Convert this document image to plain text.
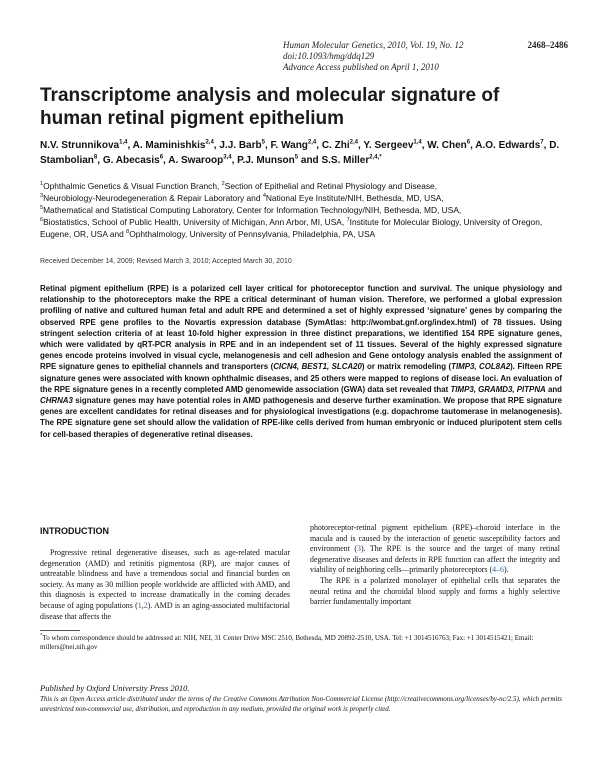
Human Molecular Genetics, 2010, Vol. 19, No. 12	2468–2486
doi:10.1093/hmg/ddq129
Advance Access published on April 1, 2010
Transcriptome analysis and molecular signature of human retinal pigment epithelium

N.V. Strunnikova$^{1,4}$, A. Maminishkis$^{2,4}$, J.J. Barb$^5$, F. Wang$^{2,4}$, C. Zhi$^{2,4}$, Y. Sergeev$^{1,4}$, W. Chen$^6$, A.O. Edwards$^7$, D. Stambolian$^8$, G. Abecasis$^6$, A. Swaroop$^{3,4}$, P.J. Munson$^5$ and S.S. Miller$^{2,4,*}$

$^1$Ophthalmic Genetics & Visual Function Branch, $^2$Section of Epithelial and Retinal Physiology and Disease,
$^3$Neurobiology-Neurodegeneration & Repair Laboratory and $^4$National Eye Institute/NIH, Bethesda, MD, USA,
$^5$Mathematical and Statistical Computing Laboratory, Center for Information Technology/NIH, Bethesda, MD, USA,
$^6$Biostatistics, School of Public Health, University of Michigan, Ann Arbor, MI, USA, $^7$Institute for Molecular Biology, University of Oregon, Eugene, OR, USA and $^8$Ophthalmology, University of Pennsylvania, Philadelphia, PA, USA

Received December 14, 2009; Revised March 3, 2010; Accepted March 30, 2010

Retinal pigment epithelium (RPE) is a polarized cell layer critical for photoreceptor function and survival. The unique physiology and relationship to the photoreceptors make the RPE a critical determinant of human vision. Therefore, we performed a global expression profiling of native and cultured human fetal and adult RPE and determined a set of highly expressed ‘signature’ genes by comparing the observed RPE gene profiles to the Novartis expression database (SymAtlas: http://wombat.gnf.org/index.html) of 78 tissues. Using stringent selection criteria of at least 10-fold higher expression in three distinct preparations, we identified 154 RPE signature genes, which were validated by qRT-PCR analysis in RPE and in an independent set of 11 tissues. Several of the highly expressed signature genes encode proteins involved in visual cycle, melanogenesis and cell adhesion and Gene ontology analysis enabled the assignment of RPE signature genes to epithelial channels and transporters (CICN4, BEST1, SLCA20) or matrix remodeling (TIMP3, COL8A2). Fifteen RPE signature genes were associated with known ophthalmic diseases, and 25 others were mapped to regions of disease loci. An evaluation of the RPE signature genes in a recently completed AMD genomewide association (GWA) data set revealed that TIMP3, GRAMD3, PITPNA and CHRNA3 signature genes may have potential roles in AMD pathogenesis and deserve further examination. We propose that RPE signature genes are excellent candidates for retinal diseases and for physiological investigations (e.g. dopachrome tautomerase in melanogenesis). The RPE signature gene set should allow the validation of RPE-like cells derived from human embryonic or induced pluripotent stem cells for cell-based therapies of degenerative retinal diseases.

INTRODUCTION

Progressive retinal degenerative diseases, such as age-related macular degeneration (AMD) and retinitis pigmentosa (RP), are major causes of untreatable blindness and have a tremendous social and financial burden on society. As many as 30 million people worldwide are afflicted with AMD, and this diagnosis is expected to increase dramatically in the coming decades because of aging populations (1,2). AMD is an aging-associated multifactorial disease that affects the

photoreceptor-retinal pigment epithelium (RPE)–choroid interface in the macula and is caused by the interaction of genetic susceptibility factors and environment (3). The RPE is the source and the target of many retinal degenerative diseases and defects in RPE function can affect the integrity and viability of neighboring cells—primarily photoreceptors (4–6).

The RPE is a polarized monolayer of epithelial cells that separates the neural retina and the choroidal blood supply and forms a highly selective barrier fundamentally important

*To whom correspondence should be addressed at: NIH, NEI, 31 Center Drive MSC 2510, Bethesda, MD 20892-2510, USA. Tel: +1 3014516763; Fax: +1 3014515421; Email: millers@nei.nih.gov
Published by Oxford University Press 2010.
This is an Open Access article distributed under the terms of the Creative Commons Attribution Non-Commercial License (http://creativecommons.org/licenses/by-nc/2.5), which permits unrestricted non-commercial use, distribution, and reproduction in any medium, provided the original work is properly cited.
